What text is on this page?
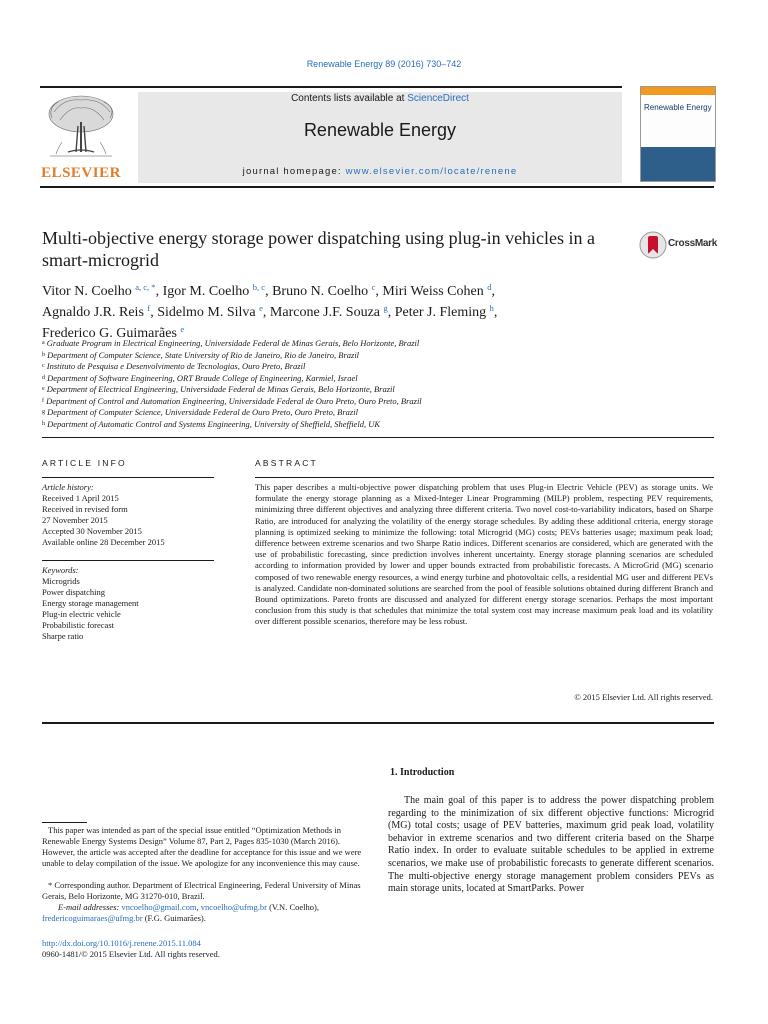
Renewable Energy 89 (2016) 730–742
ELSEVIER
Contents lists available at ScienceDirect
Renewable Energy
journal homepage: www.elsevier.com/locate/renene
Renewable Energy
Multi-objective energy storage power dispatching using plug-in vehicles in a smart-microgrid
CrossMark
Vitor N. Coelho $^{a, c, *}$, Igor M. Coelho $^{b, c}$, Bruno N. Coelho $^c$, Miri Weiss Cohen $^d$,
Agnaldo J.R. Reis $^f$, Sidelmo M. Silva $^e$, Marcone J.F. Souza $^g$, Peter J. Fleming $^h$,
Frederico G. Guimarães $^e$
$^a$ Graduate Program in Electrical Engineering, Universidade Federal de Minas Gerais, Belo Horizonte, Brazil
$^b$ Department of Computer Science, State University of Rio de Janeiro, Rio de Janeiro, Brazil
$^c$ Instituto de Pesquisa e Desenvolvimento de Tecnologias, Ouro Preto, Brazil
$^d$ Department of Software Engineering, ORT Braude College of Engineering, Karmiel, Israel
$^e$ Department of Electrical Engineering, Universidade Federal de Minas Gerais, Belo Horizonte, Brazil
$^f$ Department of Control and Automation Engineering, Universidade Federal de Ouro Preto, Ouro Preto, Brazil
$^g$ Department of Computer Science, Universidade Federal de Ouro Preto, Ouro Preto, Brazil
$^h$ Department of Automatic Control and Systems Engineering, University of Sheffield, Sheffield, UK
ARTICLE INFO
Article history:
Received 1 April 2015
Received in revised form
27 November 2015
Accepted 30 November 2015
Available online 28 December 2015
Keywords:
Microgrids
Power dispatching
Energy storage management
Plug-in electric vehicle
Probabilistic forecast
Sharpe ratio
ABSTRACT
This paper describes a multi-objective power dispatching problem that uses Plug-in Electric Vehicle (PEV) as storage units. We formulate the energy storage planning as a Mixed-Integer Linear Programming (MILP) problem, respecting PEV requirements, minimizing three different objectives and analyzing three different criteria. Two novel cost-to-variability indicators, based on Sharpe Ratio, are introduced for analyzing the volatility of the energy storage schedules. By adding these additional criteria, energy storage planning is optimized seeking to minimize the following: total Microgrid (MG) costs; PEVs batteries usage; maximum peak load; difference between extreme scenarios and two Sharpe Ratio indices. Different scenarios are considered, which are generated with the use of probabilistic forecasting, since prediction involves inherent uncertainty. Energy storage planning scenarios are scheduled according to information provided by lower and upper bounds extracted from probabilistic forecasts. A MicroGrid (MG) scenario composed of two renewable energy resources, a wind energy turbine and photovoltaic cells, a residential MG user and different PEVs is analyzed. Candidate non-dominated solutions are searched from the pool of feasible solutions obtained during different Branch and Bound optimizations. Pareto fronts are discussed and analyzed for different energy storage scenarios. Perhaps the most important conclusion from this study is that schedules that minimize the total system cost may increase maximum peak load and its volatility over different possible scenarios, therefore may be less robust.
© 2015 Elsevier Ltd. All rights reserved.
1. Introduction
The main goal of this paper is to address the power dispatching problem regarding to the minimization of six different objective functions: Microgrid (MG) total costs; usage of PEV batteries, maximum grid peak load, volatility behavior in extreme scenarios and two different criteria based on the Sharpe Ratio index. In order to evaluate suitable schedules to be applied in extreme scenarios, we make use of probabilistic forecasts to generate different scenarios. The multi-objective energy storage management problem considers PEVs as main storage units, located at SmartParks. Power
This paper was intended as part of the special issue entitled “Optimization Methods in Renewable Energy Systems Design” Volume 87, Part 2, Pages 835-1030 (March 2016). However, the article was accepted after the deadline for acceptance for this issue and we were unable to delay compilation of the issue. We apologize for any inconvenience this may cause.
* Corresponding author. Department of Electrical Engineering, Federal University of Minas Gerais, Belo Horizonte, MG 31270-010, Brazil.
E-mail addresses: vncoelho@gmail.com, vncoelho@ufmg.br (V.N. Coelho), fredericoguimaraes@ufmg.br (F.G. Guimarães).
http://dx.doi.org/10.1016/j.renene.2015.11.084
0960-1481/© 2015 Elsevier Ltd. All rights reserved.
